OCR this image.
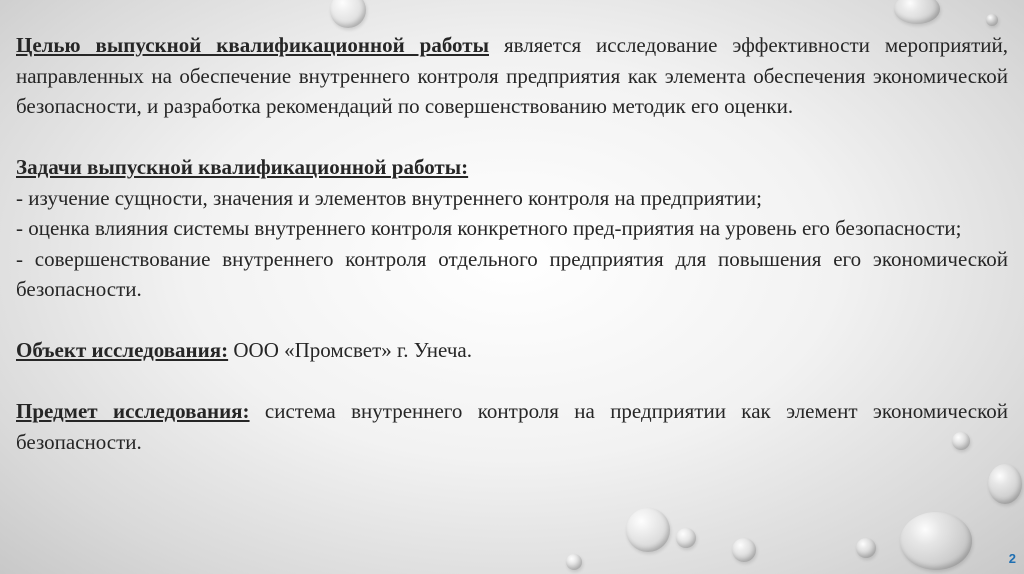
Целью выпускной квалификационной работы является исследование эффективности мероприятий, направленных на обеспечение внутреннего контроля предприятия как элемента обеспечения экономической безопасности, и разработка рекомендаций по совершенствованию методик его оценки.

Задачи выпускной квалификационной работы:
- изучение сущности, значения и элементов внутреннего контроля на предприятии;
- оценка влияния системы внутреннего контроля конкретного пред-приятия на уровень его безопасности;
- совершенствование внутреннего контроля отдельного предприятия для повышения его экономической безопасности.

Объект исследования: ООО «Промсвет» г. Унеча.

Предмет исследования: система внутреннего контроля на предприятии как элемент экономической безопасности.

2
